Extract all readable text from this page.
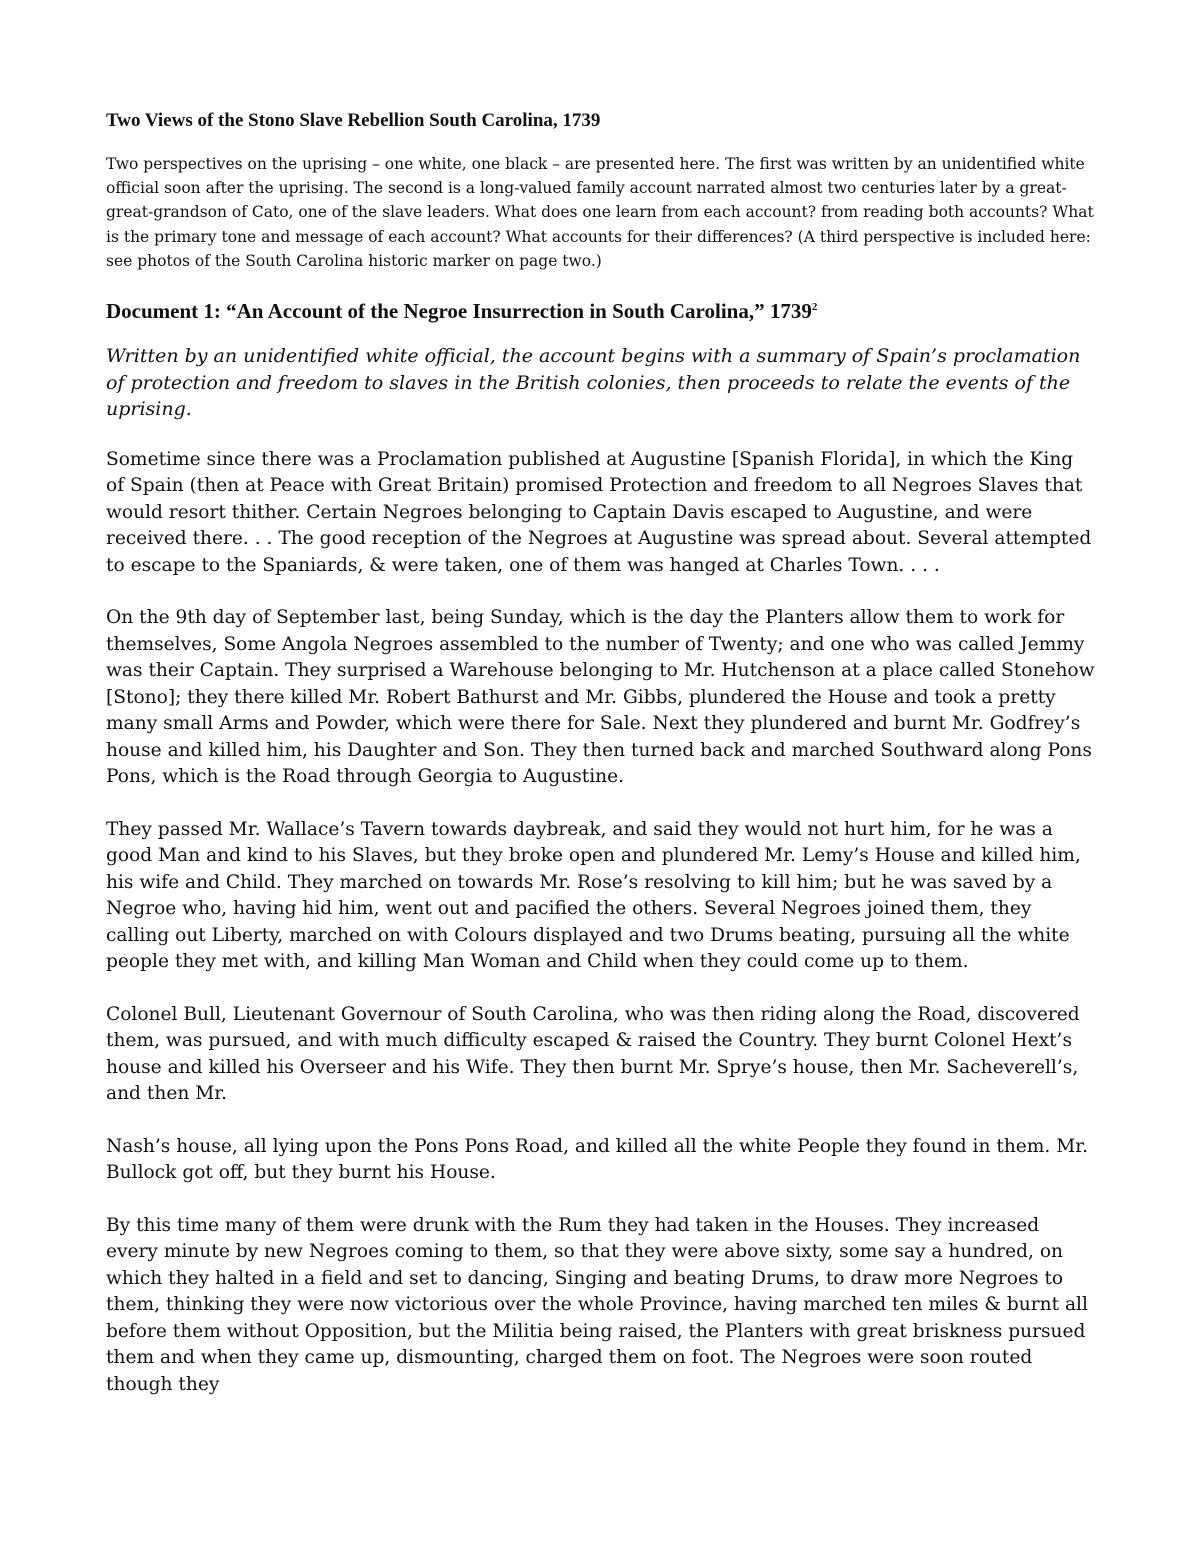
Two Views of the Stono Slave Rebellion South Carolina, 1739

Two perspectives on the uprising – one white, one black – are presented here. The first was written by an unidentified white official soon after the uprising. The second is a long-valued family account narrated almost two centuries later by a great- great-grandson of Cato, one of the slave leaders. What does one learn from each account? from reading both accounts? What is the primary tone and message of each account? What accounts for their differences? (A third perspective is included here: see photos of the South Carolina historic marker on page two.)

Document 1: “An Account of the Negroe Insurrection in South Carolina,” 1739$^2$

Written by an unidentified white official, the account begins with a summary of Spain’s proclamation of protection and freedom to slaves in the British colonies, then proceeds to relate the events of the uprising.

Sometime since there was a Proclamation published at Augustine [Spanish Florida], in which the King of Spain (then at Peace with Great Britain) promised Protection and freedom to all Negroes Slaves that would resort thither. Certain Negroes belonging to Captain Davis escaped to Augustine, and were received there. . . The good reception of the Negroes at Augustine was spread about. Several attempted to escape to the Spaniards, & were taken, one of them was hanged at Charles Town. . . .

On the 9th day of September last, being Sunday, which is the day the Planters allow them to work for themselves, Some Angola Negroes assembled to the number of Twenty; and one who was called Jemmy was their Captain. They surprised a Warehouse belonging to Mr. Hutchenson at a place called Stonehow [Stono]; they there killed Mr. Robert Bathurst and Mr. Gibbs, plundered the House and took a pretty many small Arms and Powder, which were there for Sale. Next they plundered and burnt Mr. Godfrey’s house and killed him, his Daughter and Son. They then turned back and marched Southward along Pons Pons, which is the Road through Georgia to Augustine.

They passed Mr. Wallace’s Tavern towards daybreak, and said they would not hurt him, for he was a good Man and kind to his Slaves, but they broke open and plundered Mr. Lemy’s House and killed him, his wife and Child. They marched on towards Mr. Rose’s resolving to kill him; but he was saved by a Negroe who, having hid him, went out and pacified the others. Several Negroes joined them, they calling out Liberty, marched on with Colours displayed and two Drums beating, pursuing all the white people they met with, and killing Man Woman and Child when they could come up to them.

Colonel Bull, Lieutenant Governour of South Carolina, who was then riding along the Road, discovered them, was pursued, and with much difficulty escaped & raised the Country. They burnt Colonel Hext’s house and killed his Overseer and his Wife. They then burnt Mr. Sprye’s house, then Mr. Sacheverell’s, and then Mr.

Nash’s house, all lying upon the Pons Pons Road, and killed all the white People they found in them. Mr. Bullock got off, but they burnt his House.

By this time many of them were drunk with the Rum they had taken in the Houses. They increased every minute by new Negroes coming to them, so that they were above sixty, some say a hundred, on which they halted in a field and set to dancing, Singing and beating Drums, to draw more Negroes to them, thinking they were now victorious over the whole Province, having marched ten miles & burnt all before them without Opposition, but the Militia being raised, the Planters with great briskness pursued them and when they came up, dismounting, charged them on foot. The Negroes were soon routed though they
